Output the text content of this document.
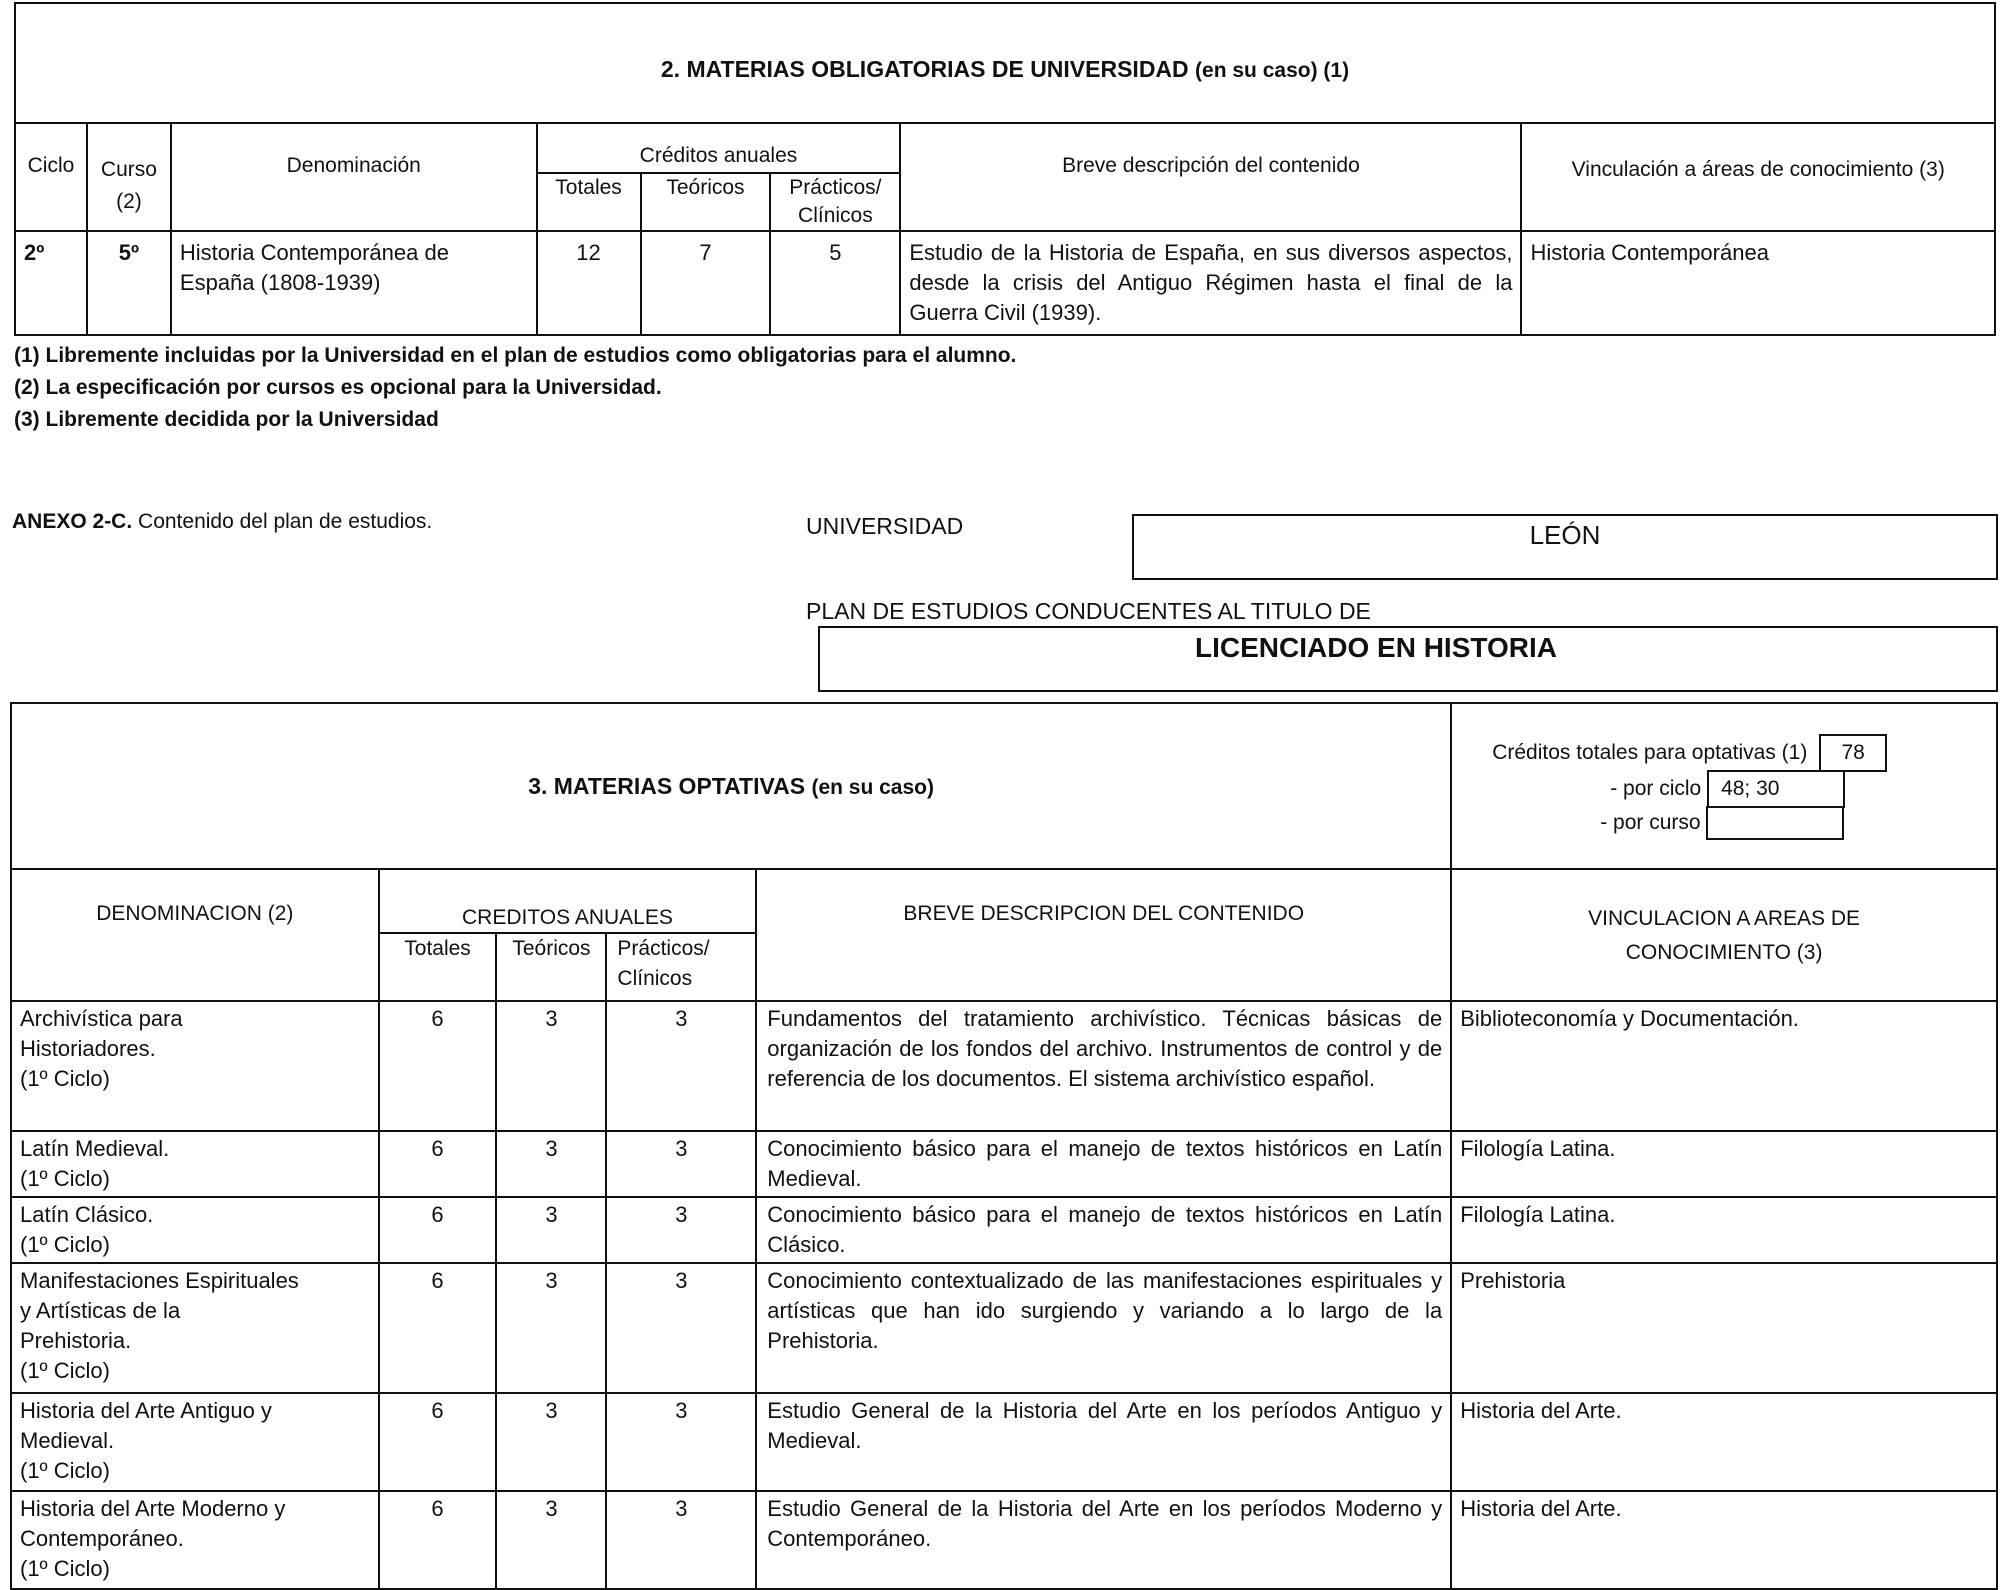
2. MATERIAS OBLIGATORIAS DE UNIVERSIDAD (en su caso) (1)							
Ciclo	Curso
(2)	Denominación	Créditos anuales			Breve descripción del contenido	Vinculación a áreas de conocimiento (3)
			Totales	Teóricos	Prácticos/
Clínicos		
2º	5º	Historia Contemporánea de España (1808-1939)	12	7	5	Estudio de la Historia de España, en sus diversos aspectos, desde la crisis del Antiguo Régimen hasta el final de la Guerra Civil (1939).	Historia Contemporánea
(1) Libremente incluidas por la Universidad en el plan de estudios como obligatorias para el alumno.
(2) La especificación por cursos es opcional para la Universidad.
(3) Libremente decidida por la Universidad
ANEXO 2-C. Contenido del plan de estudios.	UNIVERSIDAD	LEÓN
PLAN DE ESTUDIOS CONDUCENTES AL TITULO DE
LICENCIADO EN HISTORIA
3. MATERIAS OPTATIVAS (en su caso)					Créditos totales para optativas (1) 78
- por ciclo 48; 30
- por curso

DENOMINACION (2)	CREDITOS ANUALES			BREVE DESCRIPCION DEL CONTENIDO	VINCULACION A AREAS DE
CONOCIMIENTO (3)
	Totales	Teóricos	Prácticos/
Clínicos		

Archivística para
Historiadores.
(1º Ciclo)	6	3	3	Fundamentos del tratamiento archivístico. Técnicas básicas de organización de los fondos del archivo. Instrumentos de control y de referencia de los documentos. El sistema archivístico español.	Biblioteconomía y Documentación.

Latín Medieval.
(1º Ciclo)	6	3	3	Conocimiento básico para el manejo de textos históricos en Latín Medieval.	Filología Latina.

Latín Clásico.
(1º Ciclo)	6	3	3	Conocimiento básico para el manejo de textos históricos en Latín Clásico.	Filología Latina.

Manifestaciones Espirituales
y Artísticas de la
Prehistoria.
(1º Ciclo)	6	3	3	Conocimiento contextualizado de las manifestaciones espirituales y artísticas que han ido surgiendo y variando a lo largo de la Prehistoria.	Prehistoria

Historia del Arte Antiguo y
Medieval.
(1º Ciclo)	6	3	3	Estudio General de la Historia del Arte en los períodos Antiguo y Medieval.	Historia del Arte.

Historia del Arte Moderno y
Contemporáneo.
(1º Ciclo)	6	3	3	Estudio General de la Historia del Arte en los períodos Moderno y Contemporáneo.	Historia del Arte.
